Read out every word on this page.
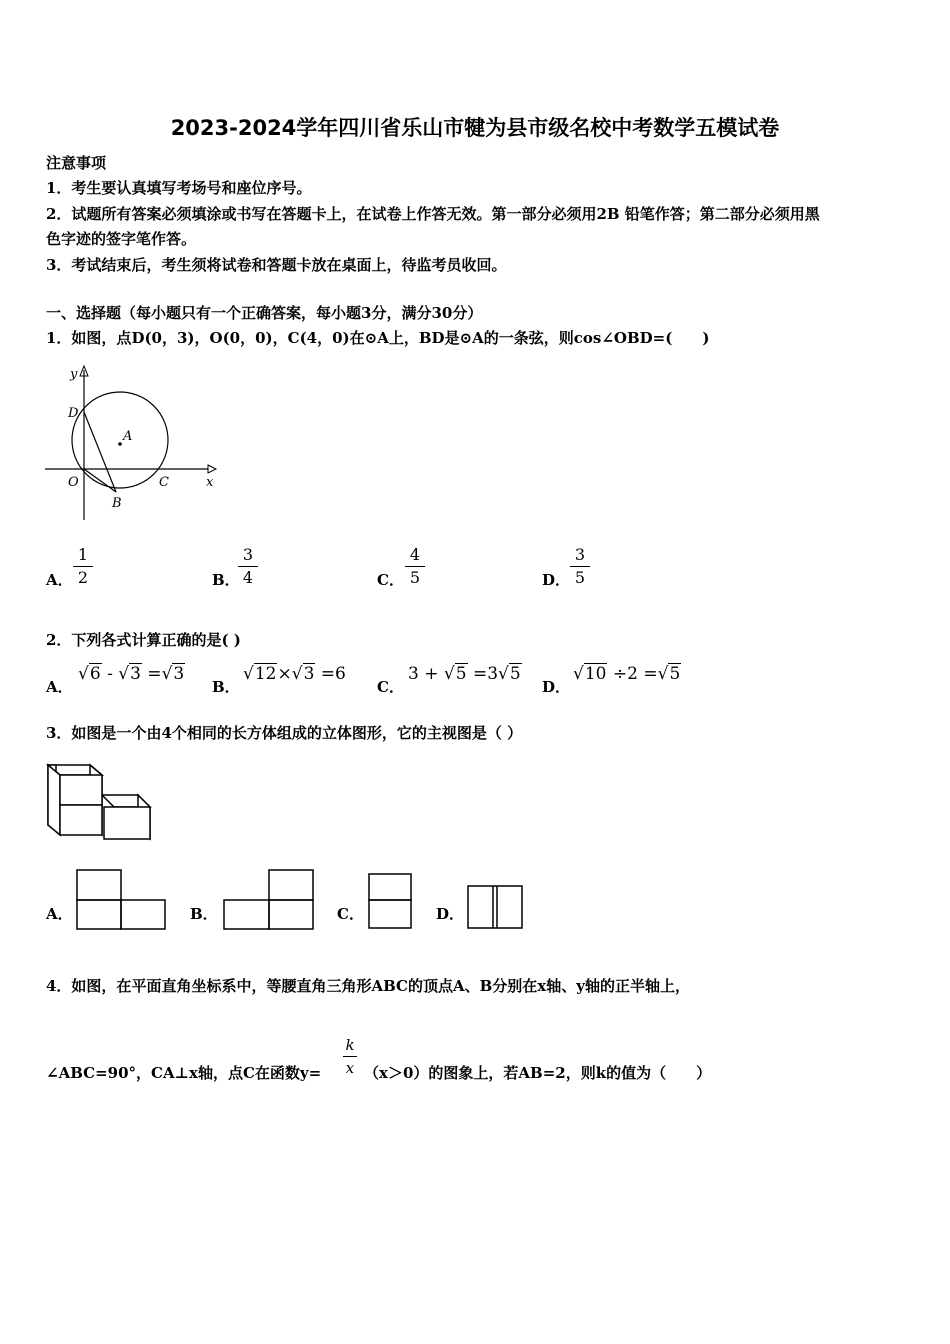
2023-2024学年四川省乐山市犍为县市级名校中考数学五模试卷
注意事项
1．考生要认真填写考场号和座位序号。
2．试题所有答案必须填涂或书写在答题卡上，在试卷上作答无效。第一部分必须用2B 铅笔作答；第二部分必须用黑
色字迹的签字笔作答。
3．考试结束后，考生须将试卷和答题卡放在桌面上，待监考员收回。
一、选择题（每小题只有一个正确答案，每小题3分，满分30分）
1．如图，点D(0，3)，O(0，0)，C(4，0)在⊙A上，BD是⊙A的一条弦，则cos∠OBD=(　　)
y
x
D
A
O
B
C
A．
1
2	B．
3
4	C．
4
5	D．
3
5
2．下列各式计算正确的是( )
A．
√6 - √3 =√3
B．
√12×√3 =6
C．
3 + √5 =3√5
D．
√10 ÷2 =√5
3．如图是一个由4个相同的长方体组成的立体图形，它的主视图是（ ）
A．	B．	C．	D．
4．如图，在平面直角坐标系中，等腰直角三角形ABC的顶点A、B分别在x轴、y轴的正半轴上，
∠ABC=90°，CA⊥x轴，点C在函数y=
k
x （x＞0）的图象上，若AB=2，则k的值为（　　）
